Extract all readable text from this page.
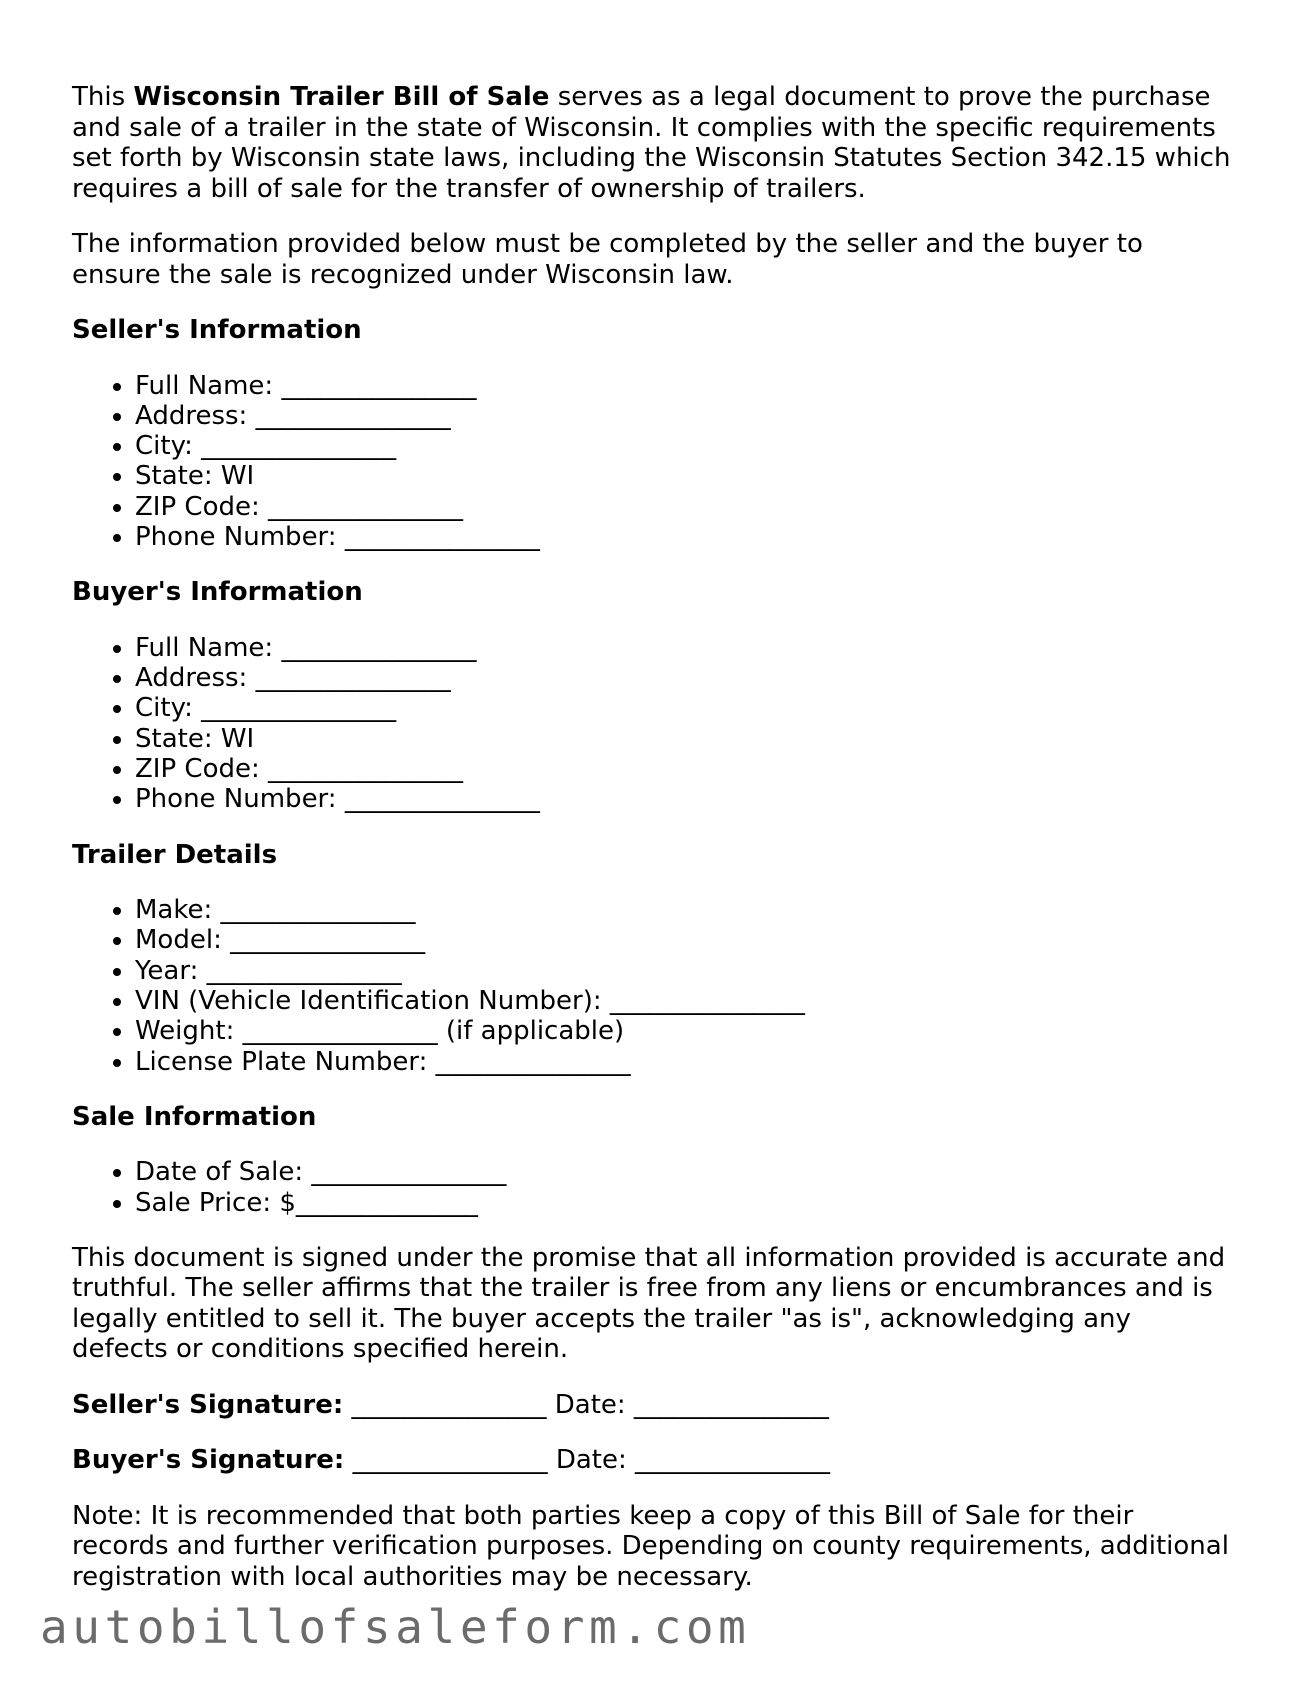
This Wisconsin Trailer Bill of Sale serves as a legal document to prove the purchase and sale of a trailer in the state of Wisconsin. It complies with the specific requirements set forth by Wisconsin state laws, including the Wisconsin Statutes Section 342.15 which requires a bill of sale for the transfer of ownership of trailers.

The information provided below must be completed by the seller and the buyer to ensure the sale is recognized under Wisconsin law.

Seller's Information
• Full Name: _______________
• Address: _______________
• City: _______________
• State: WI
• ZIP Code: _______________
• Phone Number: _______________
Buyer's Information
• Full Name: _______________
• Address: _______________
• City: _______________
• State: WI
• ZIP Code: _______________
• Phone Number: _______________
Trailer Details
• Make: _______________
• Model: _______________
• Year: _______________
• VIN (Vehicle Identification Number): _______________
• Weight: _______________ (if applicable)
• License Plate Number: _______________
Sale Information
• Date of Sale: _______________
• Sale Price: $______________

This document is signed under the promise that all information provided is accurate and truthful. The seller affirms that the trailer is free from any liens or encumbrances and is legally entitled to sell it. The buyer accepts the trailer "as is", acknowledging any defects or conditions specified herein.

Seller's Signature: _______________ Date: _______________

Buyer's Signature: _______________ Date: _______________

Note: It is recommended that both parties keep a copy of this Bill of Sale for their records and further verification purposes. Depending on county requirements, additional registration with local authorities may be necessary.

autobillofsaleform.com
